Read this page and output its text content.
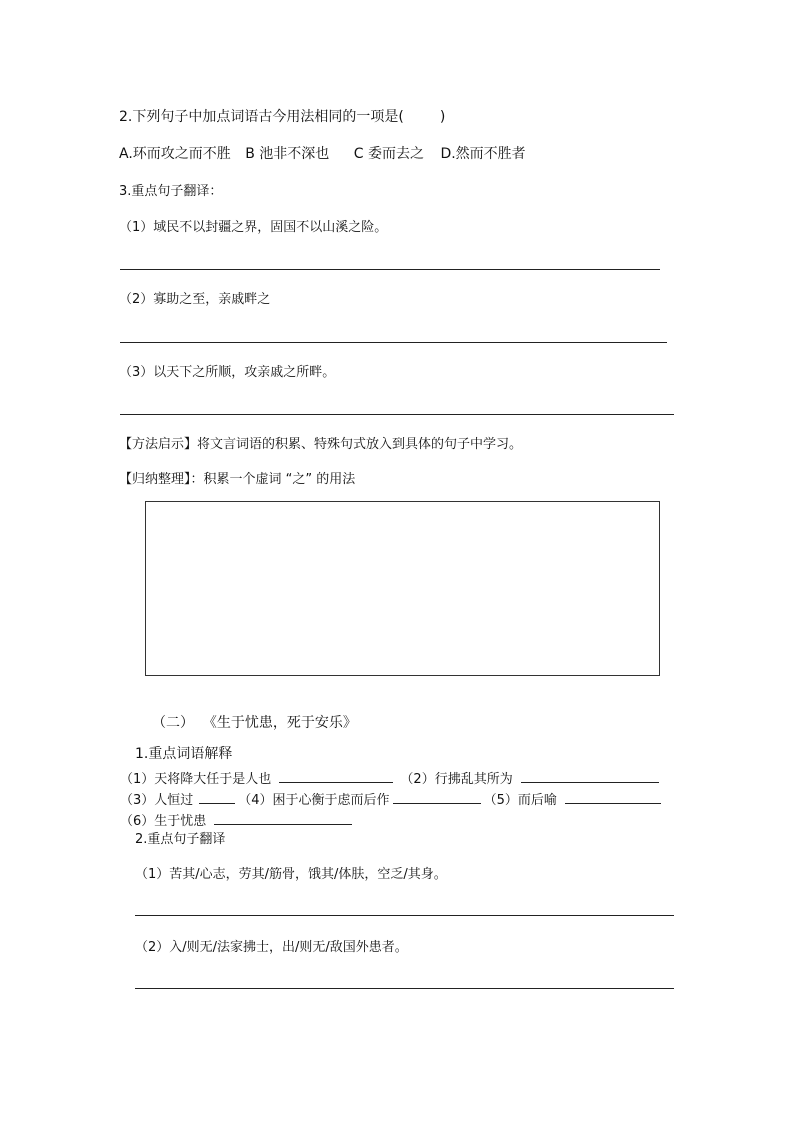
2.下列句子中加点词语古今用法相同的一项是(	)
A.环而攻之而不胜 B 池非不深也 C 委而去之 D.然而不胜者
3.重点句子翻译：
（1）域民不以封疆之界，固国不以山溪之险。
（2）寡助之至，亲戚畔之
（3）以天下之所顺，攻亲戚之所畔。
【方法启示】将文言词语的积累、特殊句式放入到具体的句子中学习。
【归纳整理】：积累一个虚词 “之” 的用法
（二）  《生于忧患，死于安乐》
1.重点词语解释
（1）天将降大任于是人也	（2）行拂乱其所为
（3）人恒过	（4）困于心衡于虑而后作	（5）而后喻
（6）生于忧患
2.重点句子翻译
（1）苦其/心志，劳其/筋骨，饿其/体肤，空乏/其身。
（2）入/则无/法家拂士，出/则无/敌国外患者。
